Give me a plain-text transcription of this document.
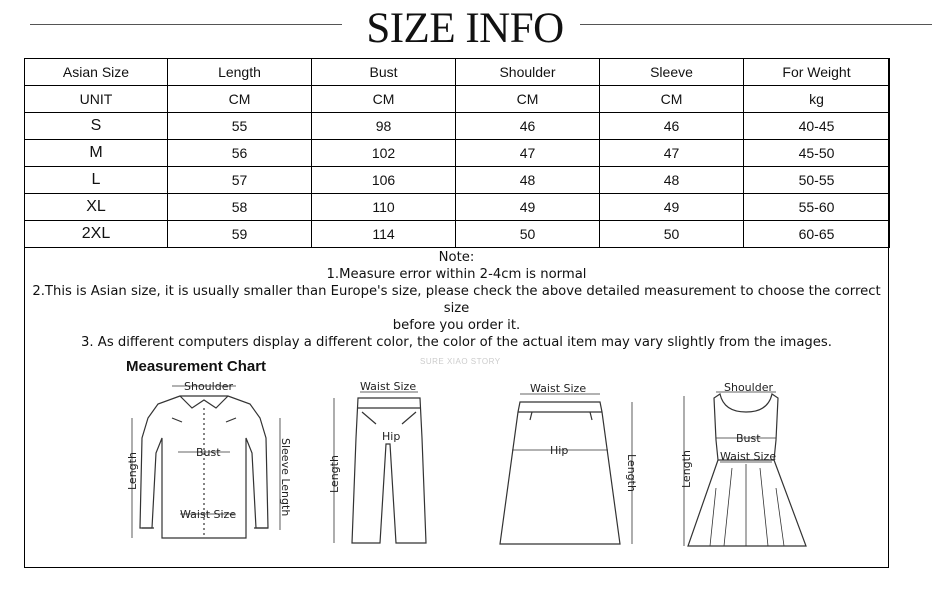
SIZE INFO
Asian Size	Length	Bust	Shoulder	Sleeve	For Weight
UNIT	CM	CM	CM	CM	kg
S	55	98	46	46	40-45
M	56	102	47	47	45-50
L	57	106	48	48	50-55
XL	58	110	49	49	55-60
2XL	59	114	50	50	60-65
Note:
1.Measure error within 2-4cm is normal
2.This is Asian size, it is usually smaller than Europe's size, please check the above detailed measurement to choose the correct size
before you order it.
3. As different computers display a different color, the color of the actual item may vary slightly from the images.
Measurement Chart	SURE XIAO STORY
Shoulder
Bust
Waist Size
Length	Sleeve Length
Waist Size
Hip
Length
Waist Size
Hip
Length
Shoulder
Bust
Waist Size
Length
